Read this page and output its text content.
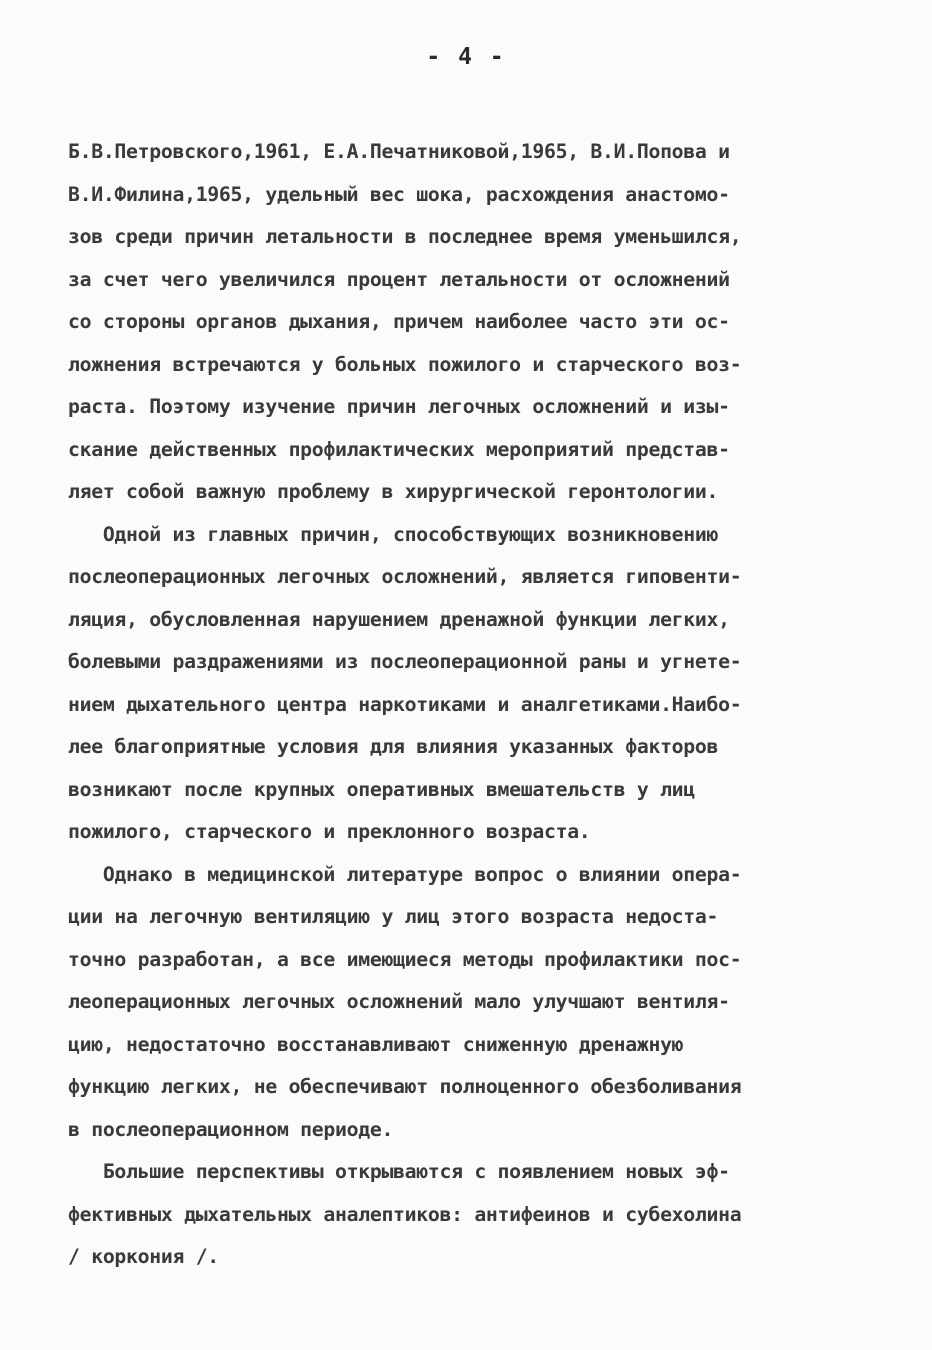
- 4 -
Б.В.Петровского,1961, Е.А.Печатниковой,1965, В.И.Попова и
В.И.Филина,1965, удельный вес шока, расхождения анастомо-
зов среди причин летальности в последнее время уменьшился,
за счет чего увеличился процент летальности от осложнений
со стороны органов дыхания, причем наиболее часто эти ос-
ложнения встречаются у больных пожилого и старческого воз-
раста. Поэтому изучение причин легочных осложнений и изы-
скание действенных профилактических мероприятий представ-
ляет собой важную проблему в хирургической геронтологии.
Одной из главных причин, способствующих возникновению
послеоперационных легочных осложнений, является гиповенти-
ляция, обусловленная нарушением дренажной функции легких,
болевыми раздражениями из послеоперационной раны и угнете-
нием дыхательного центра наркотиками и аналгетиками.Наибо-
лее благоприятные условия для влияния указанных факторов
возникают после крупных оперативных вмешательств у лиц
пожилого, старческого и преклонного возраста.
Однако в медицинской литературе вопрос о влиянии опера-
ции на легочную вентиляцию у лиц этого возраста недоста-
точно разработан, а все имеющиеся методы профилактики пос-
леоперационных легочных осложнений мало улучшают вентиля-
цию, недостаточно восстанавливают сниженную дренажную
функцию легких, не обеспечивают полноценного обезболивания
в послеоперационном периоде.
Большие перспективы открываются с появлением новых эф-
фективных дыхательных аналептиков: антифеинов и субехолина
/ коркония /.
